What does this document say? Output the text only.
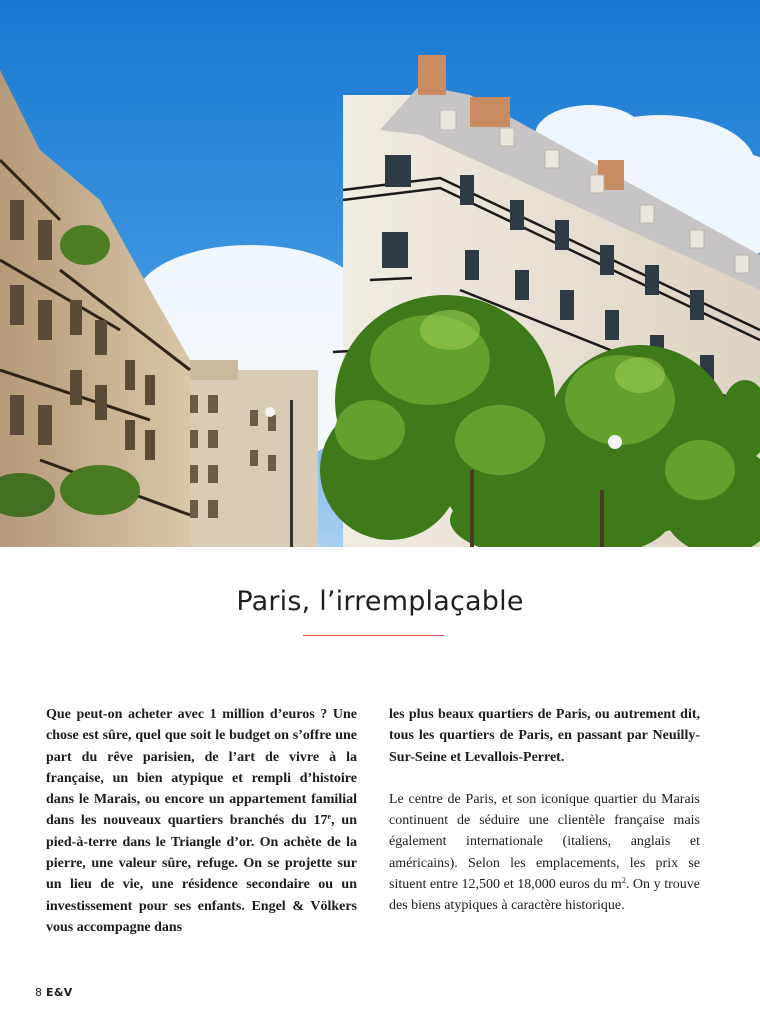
Paris, l’irremplaçable

Que peut-on acheter avec 1 million d’euros ? Une chose est sûre, quel que soit le budget on s’offre une part du rêve parisien, de l’art de vivre à la française, un bien atypique et rempli d’histoire dans le Marais, ou encore un appartement familial dans les nouveaux quartiers branchés du 17e, un pied-à-terre dans le Triangle d’or. On achète de la pierre, une valeur sûre, refuge. On se projette sur un lieu de vie, une résidence secondaire ou un investissement pour ses enfants. Engel & Völkers vous accompagne dans

les plus beaux quartiers de Paris, ou autrement dit, tous les quartiers de Paris, en passant par Neuilly-Sur-Seine et Levallois-Perret.

Le centre de Paris, et son iconique quartier du Marais continuent de séduire une clientèle française mais également internationale (italiens, anglais et américains). Selon les emplacements, les prix se situent entre 12,500 et 18,000 euros du $m^2$. On y trouve des biens atypiques à caractère historique.

8 E&V
